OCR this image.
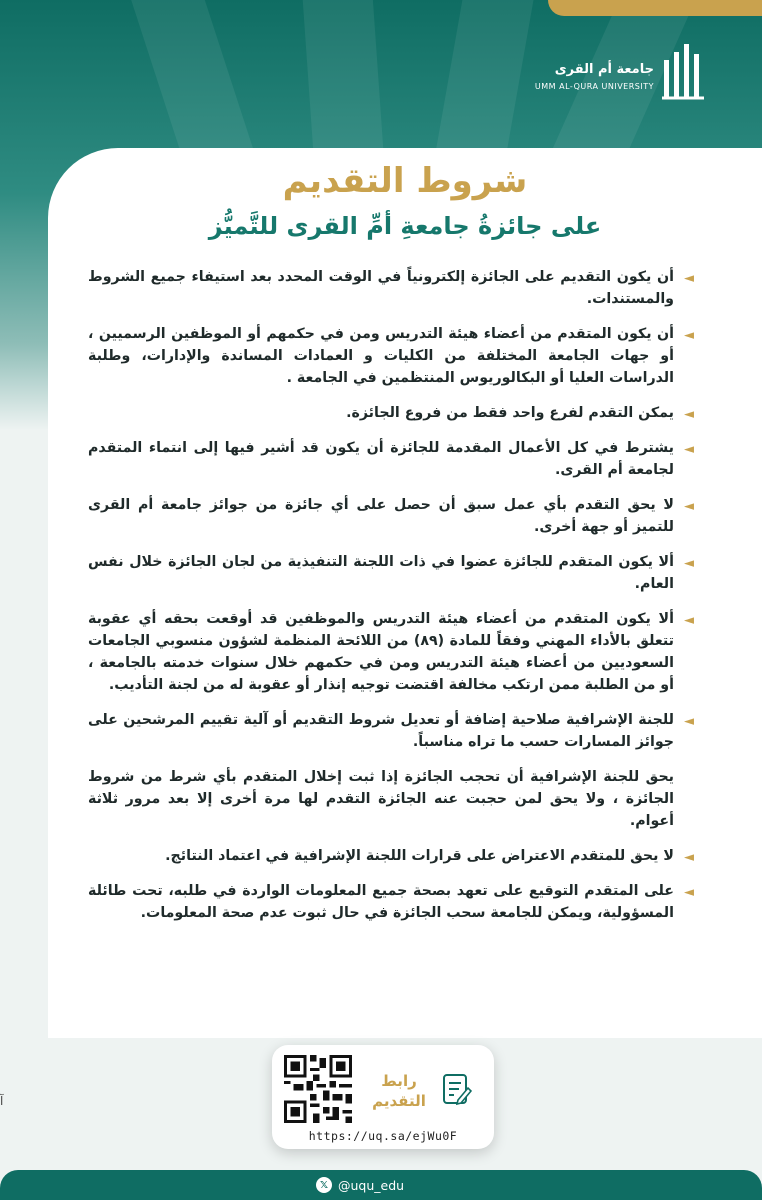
جامعة أم القرى
UMM AL-QURA UNIVERSITY
شروط التقديم
على جائزةُ جامعةِ أمِّ القرى للتَّميُّز
◄
أن يكون التقديم على الجائزة إلكترونياً في الوقت المحدد بعد استيفاء جميع الشروط والمستندات.
◄
أن يكون المتقدم من أعضاء هيئة التدريس ومن في حكمهم أو الموظفين الرسميين ، أو جهات الجامعة المختلفة من الكليات و العمادات المساندة والإدارات، وطلبة الدراسات العليا أو البكالوريوس المنتظمين في الجامعة .
◄
يمكن التقدم لفرع واحد فقط من فروع الجائزة.
◄
يشترط في كل الأعمال المقدمة للجائزة أن يكون قد أشير فيها إلى انتماء المتقدم لجامعة أم القرى.
◄
لا يحق التقدم بأي عمل سبق أن حصل على أي جائزة من جوائز جامعة أم القرى للتميز أو جهة أخرى.
◄
ألا يكون المتقدم للجائزة عضوا في ذات اللجنة التنفيذية من لجان الجائزة خلال نفس العام.
◄
ألا يكون المتقدم من أعضاء هيئة التدريس والموظفين قد أوقعت بحقه أي عقوبة تتعلق بالأداء المهني وفقاً للمادة (٨٩) من اللائحة المنظمة لشؤون منسوبي الجامعات السعوديين من أعضاء هيئة التدريس ومن في حكمهم خلال سنوات خدمته بالجامعة ، أو من الطلبة ممن ارتكب مخالفة اقتضت توجيه إنذار أو عقوبة له من لجنة التأديب.
◄
للجنة الإشرافية صلاحية إضافة أو تعديل شروط التقديم أو آلية تقييم المرشحين على جوائز المسارات حسب ما تراه مناسباً.
يحق للجنة الإشرافية أن تحجب الجائزة إذا ثبت إخلال المتقدم بأي شرط من شروط الجائزة ، ولا يحق لمن حجبت عنه الجائزة التقدم لها مرة أخرى إلا بعد مرور ثلاثة أعوام.
◄
لا يحق للمتقدم الاعتراض على قرارات اللجنة الإشرافية في اعتماد النتائج.
◄
على المتقدم التوقيع على تعهد بصحة جميع المعلومات الواردة في طلبه، تحت طائلة المسؤولية، ويمكن للجامعة سحب الجائزة في حال ثبوت عدم صحة المعلومات.
آ
رابط
التقديم
https://uq.sa/ejWu0F
𝕏 @uqu_edu
